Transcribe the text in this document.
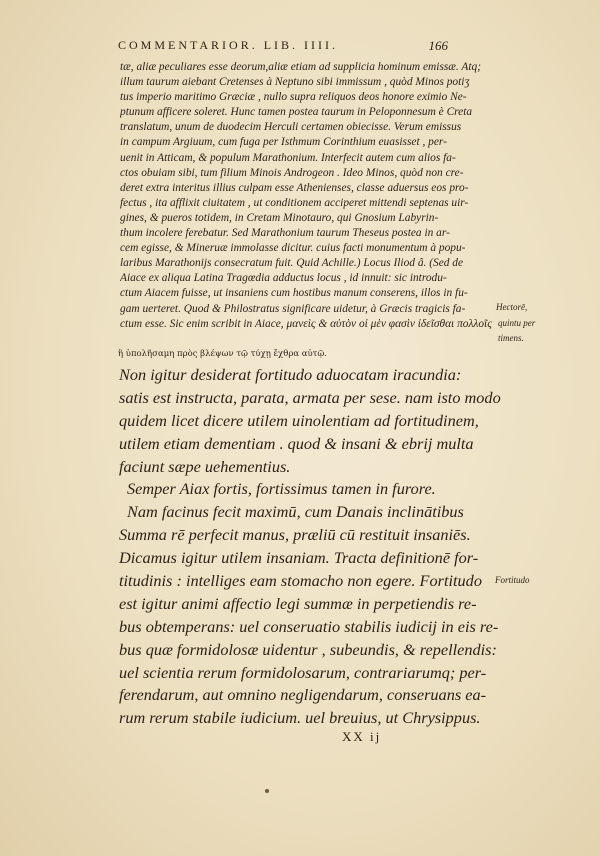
COMMENTARIOR. LIB. IIII.	166
tæ, aliæ peculiares esse deorum,aliæ etiam ad supplicia hominum emissæ. Atq;
illum taurum aiebant Cretenses à Neptuno sibi immissum , quòd Minos potiʒ
tus imperio maritimo Græciæ , nullo supra reliquos deos honore eximio Ne-
ptunum afficere soleret. Hunc tamen postea taurum in Peloponnesum è Creta
translatum, unum de duodecim Herculi certamen obiecisse. Verum emissus
in campum Argiuum, cum fuga per Isthmum Corinthium euasisset , per-
uenit in Atticam, & populum Marathonium. Interfecit autem cum alios fa-
ctos obuiam sibi, tum filium Minois Androgeon . Ideo Minos, quòd non cre-
deret extra interitus illius culpam esse Athenienses, classe aduersus eos pro-
fectus , ita afflixit ciuitatem , ut conditionem acciperet mittendi septenas uir-
gines, & pueros totidem, in Cretam Minotauro, qui Gnosium Labyrin-
thum incolere ferebatur. Sed Marathonium taurum Theseus postea in ar-
cem egisse, & Mineruæ immolasse dicitur. cuius facti monumentum à popu-
laribus Marathonijs consecratum fuit. Quid Achille.) Locus Iliod â. (Sed de
Aiace ex aliqua Latina Tragœdia adductus locus , id innuit: sic introdu-
ctum Aiacem fuisse, ut insaniens cum hostibus manum conserens, illos in fu-
gam uerteret. Quod & Philostratus significare uidetur, à Græcis tragicis fa-
ctum esse. Sic enim scribit in Aiace, μανεὶς & αὐτὸν οἱ μὲν φασὶν ἰδεῖσθαι πολλοῖς
ἢ ὑπολῆσαμη πρὸς βλέψων τῷ τύχῃ ἔχθρα αὐτῷ.
Hectorē,
quintu per
timens.
Non igitur desiderat fortitudo aduocatam iracundia:
satis est instructa, parata, armata per sese. nam isto modo
quidem licet dicere utilem uinolentiam ad fortitudinem,
utilem etiam dementiam . quod & insani & ebrij multa
faciunt sæpe uehementius.
Semper Aiax fortis, fortissimus tamen in furore.
Nam facinus fecit maximū, cum Danais inclinātibus
Summa rē perfecit manus, præliū cū restituit insaniēs.
Dicamus igitur utilem insaniam. Tracta definitionē for-
titudinis : intelliges eam stomacho non egere. Fortitudo
est igitur animi affectio legi summæ in perpetiendis re-
bus obtemperans: uel conseruatio stabilis iudicij in eis re-
bus quæ formidolosæ uidentur , subeundis, & repellendis:
uel scientia rerum formidolosarum, contrariarumq; per-
ferendarum, aut omnino negligendarum, conseruans ea-
rum rerum stabile iudicium. uel breuius, ut Chrysippus.
Fortitudo
XX ij
